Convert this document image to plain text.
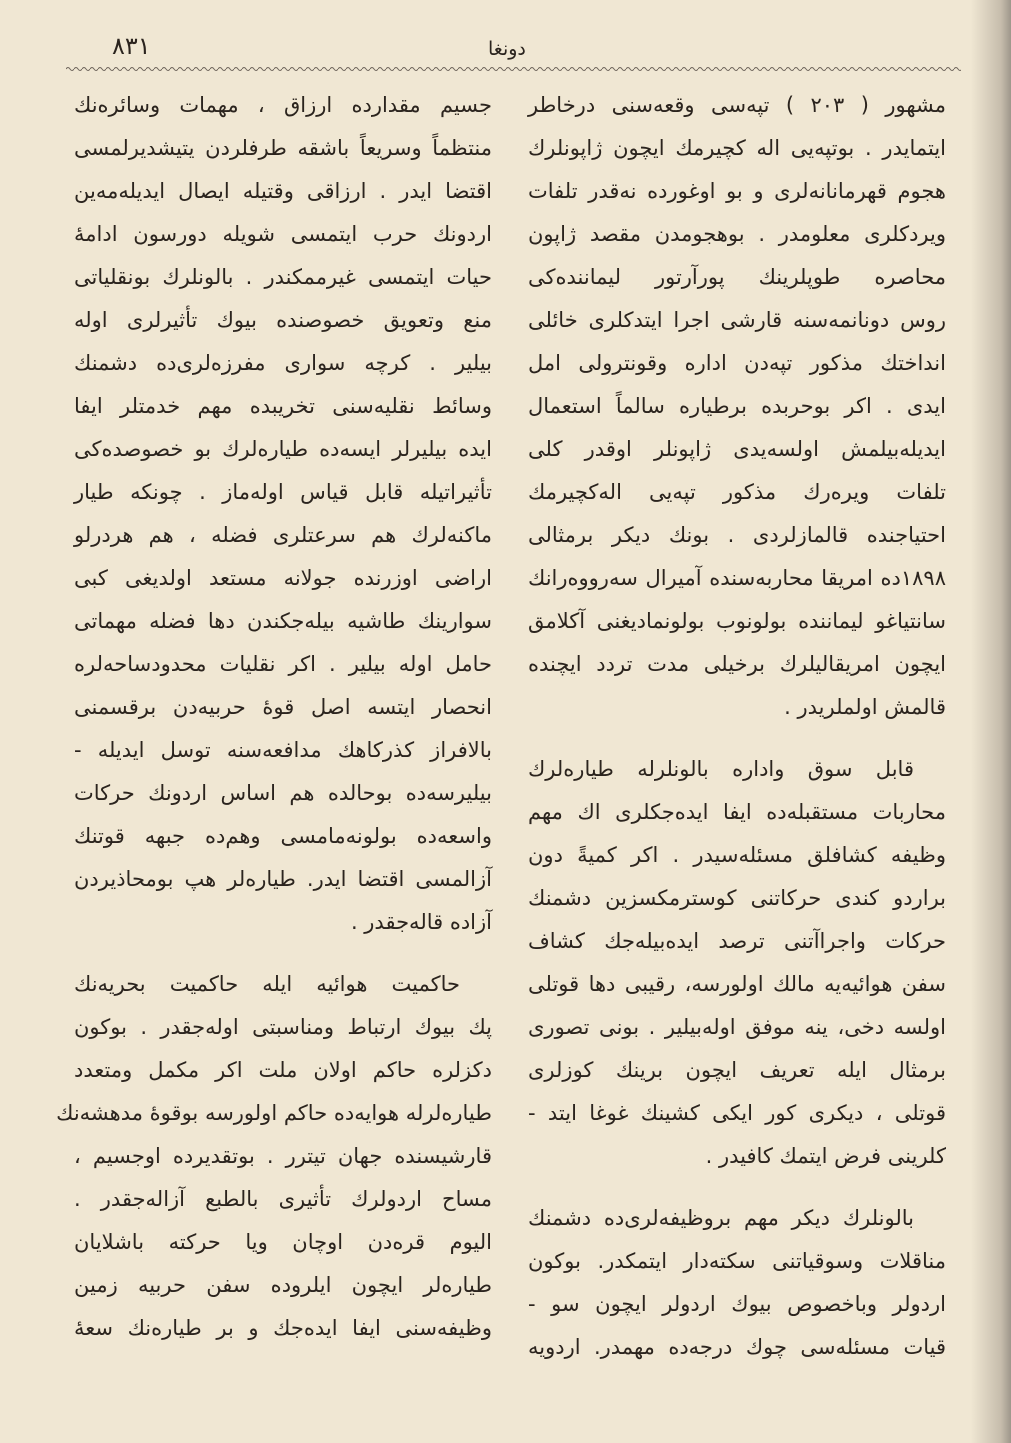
٨٣١	دونغا
مشهور ( ٢٠٣ ) تپه‌سی وقعه‌سنی درخاطر
ایتمایدر . بوتپه‌یی اله کچیرمك ایچون ژاپونلرك
هجوم قهرمانانه‌لری و بو اوغورده نه‌قدر تلفات
ویردکلری معلومدر . بوهجومدن مقصد ژاپون
محاصره طوپلرینك پورآرتور لیماننده‌کی
روس دونانمه‌سنه قارشی اجرا ایتدکلری خائلی
انداختك مذکور تپه‌دن اداره وقونترولی امل
ایدی . اکر بوحربده برطیاره سالماً استعمال
ایدیله‌بیلمش اولسه‌یدی ژاپونلر اوقدر کلی
تلفات ویره‌رك مذکور تپه‌یی اله‌کچیرمك
احتیاجنده قالمازلردی . بونك دیکر برمثالی
١٨٩٨ده امریقا محاربه‌سنده آمیرال سه‌رووه‌رانك
سانتیاغو لیماننده بولونوب بولونمادیغنی آکلامق
ایچون امریقالیلرك برخیلی مدت تردد ایچنده
قالمش اولملریدر .
قابل سوق واداره بالونلرله طیاره‌لرك
محاربات مستقبله‌ده ایفا ایده‌جکلری اك مهم
وظیفه کشافلق مسئله‌سیدر . اکر کمیةً دون
براردو کندی حرکاتنی کوسترمکسزین دشمنك
حرکات واجراآتنی ترصد ایده‌بیله‌جك کشاف
سفن هوائیه‌یه مالك اولورسه، رقیبی دها قوتلی
اولسه دخی، ینه موفق اوله‌بیلیر . بونی تصوری
برمثال ایله تعریف ایچون برینك کوزلری
قوتلی ، دیکری کور ایکی کشینك غوغا ایتد -
کلرینی فرض ایتمك کافیدر .
بالونلرك دیکر مهم بروظیفه‌لری‌ده دشمنك
مناقلات وسوقیاتنی سکته‌دار ایتمکدر. بوکون
اردولر وباخصوص بیوك اردولر ایچون سو -
قیات مسئله‌سی چوك درجه‌ده مهمدر. اردویه
جسیم مقدارده ارزاق ، مهمات وسائره‌نك
منتظماً وسریعاً باشقه طرفلردن یتیشدیرلمسی
اقتضا ایدر . ارزاقی وقتیله ایصال ایدیله‌مه‌ین
اردونك حرب ایتمسی شویله دورسون ادامهٔ
حیات ایتمسی غیرممکندر . بالونلرك بونقلیاتی
منع وتعویق خصوصنده بیوك تأثیرلری اوله
بیلیر . کرچه سواری مفرزه‌لری‌ده دشمنك
وسائط نقلیه‌سنی تخریبده مهم خدمتلر ایفا
ایده بیلیرلر ایسه‌ده طیاره‌لرك بو خصوصده‌کی
تأثیراتیله قابل قیاس اوله‌ماز . چونکه طیار
ماکنه‌لرك هم سرعتلری فضله ، هم هردرلو
اراضی اوزرنده جولانه مستعد اولدیغی کبی
سوارینك طاشیه بیله‌جکندن دها فضله مهماتی
حامل اوله بیلیر . اکر نقلیات محدودساحه‌لره
انحصار ایتسه اصل قوهٔ حربیه‌دن برقسمنی
بالافراز کذرکاهك مدافعه‌سنه توسل ایدیله -
بیلیرسه‌ده بوحالده هم اساس اردونك حرکات
واسعه‌ده بولونه‌مامسی وهم‌ده جبهه قوتنك
آزالمسی اقتضا ایدر. طیاره‌لر هپ بومحاذیردن
آزاده قاله‌جقدر .
حاکمیت هوائیه ایله حاکمیت بحریه‌نك
پك بیوك ارتباط ومناسبتی اوله‌جقدر . بوکون
دکزلره حاکم اولان ملت اکر مکمل ومتعدد
طیاره‌لرله هوایه‌ده حاکم اولورسه بوقوهٔ مدهشه‌نك
قارشیسنده جهان تیترر . بوتقدیرده اوجسیم ،
مساح اردولرك تأثیری بالطبع آزاله‌جقدر .
الیوم قره‌دن اوچان ویا حرکته باشلایان
طیاره‌لر ایچون ایلروده سفن حربیه زمین
وظیفه‌سنی ایفا ایده‌جك و بر طیاره‌نك سعهٔ
